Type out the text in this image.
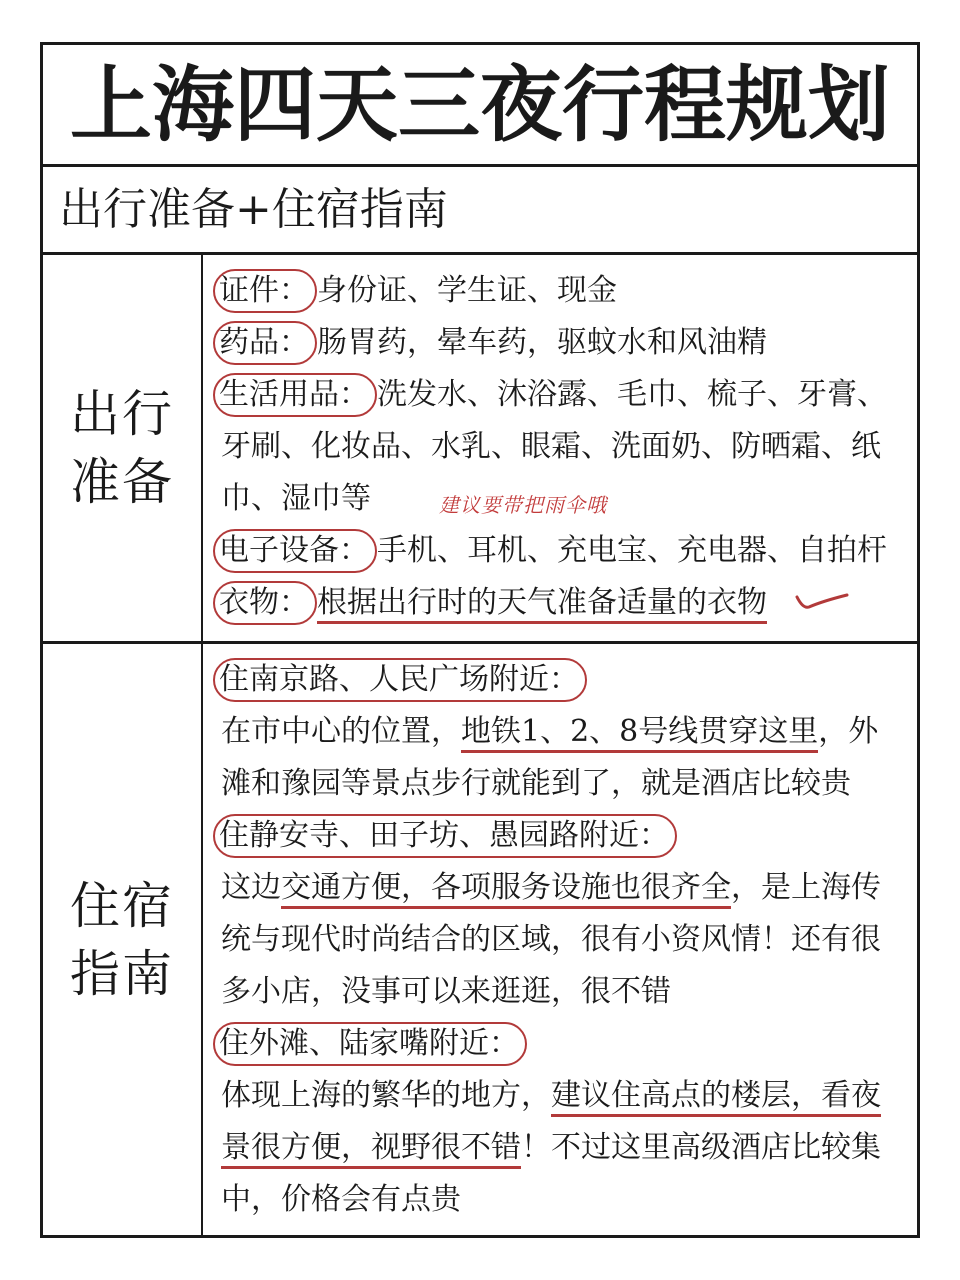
上海四天三夜行程规划
出行准备+住宿指南
出行
准备
证件： 身份证、学生证、现金
药品： 肠胃药，晕车药，驱蚊水和风油精
生活用品： 洗发水、沐浴露、毛巾、梳子、牙膏、
牙刷、化妆品、水乳、眼霜、洗面奶、防晒霜、纸
巾、湿巾等	建议要带把雨伞哦
电子设备： 手机、耳机、充电宝、充电器、自拍杆
衣物： 根据出行时的天气准备适量的衣物
住宿
指南
住南京路、人民广场附近：
在市中心的位置，地铁1、2、8号线贯穿这里，外
滩和豫园等景点步行就能到了，就是酒店比较贵
住静安寺、田子坊、愚园路附近：
这边交通方便，各项服务设施也很齐全，是上海传
统与现代时尚结合的区域，很有小资风情！还有很
多小店，没事可以来逛逛，很不错
住外滩、陆家嘴附近：
体现上海的繁华的地方，建议住高点的楼层，看夜
景很方便，视野很不错！不过这里高级酒店比较集
中，价格会有点贵
